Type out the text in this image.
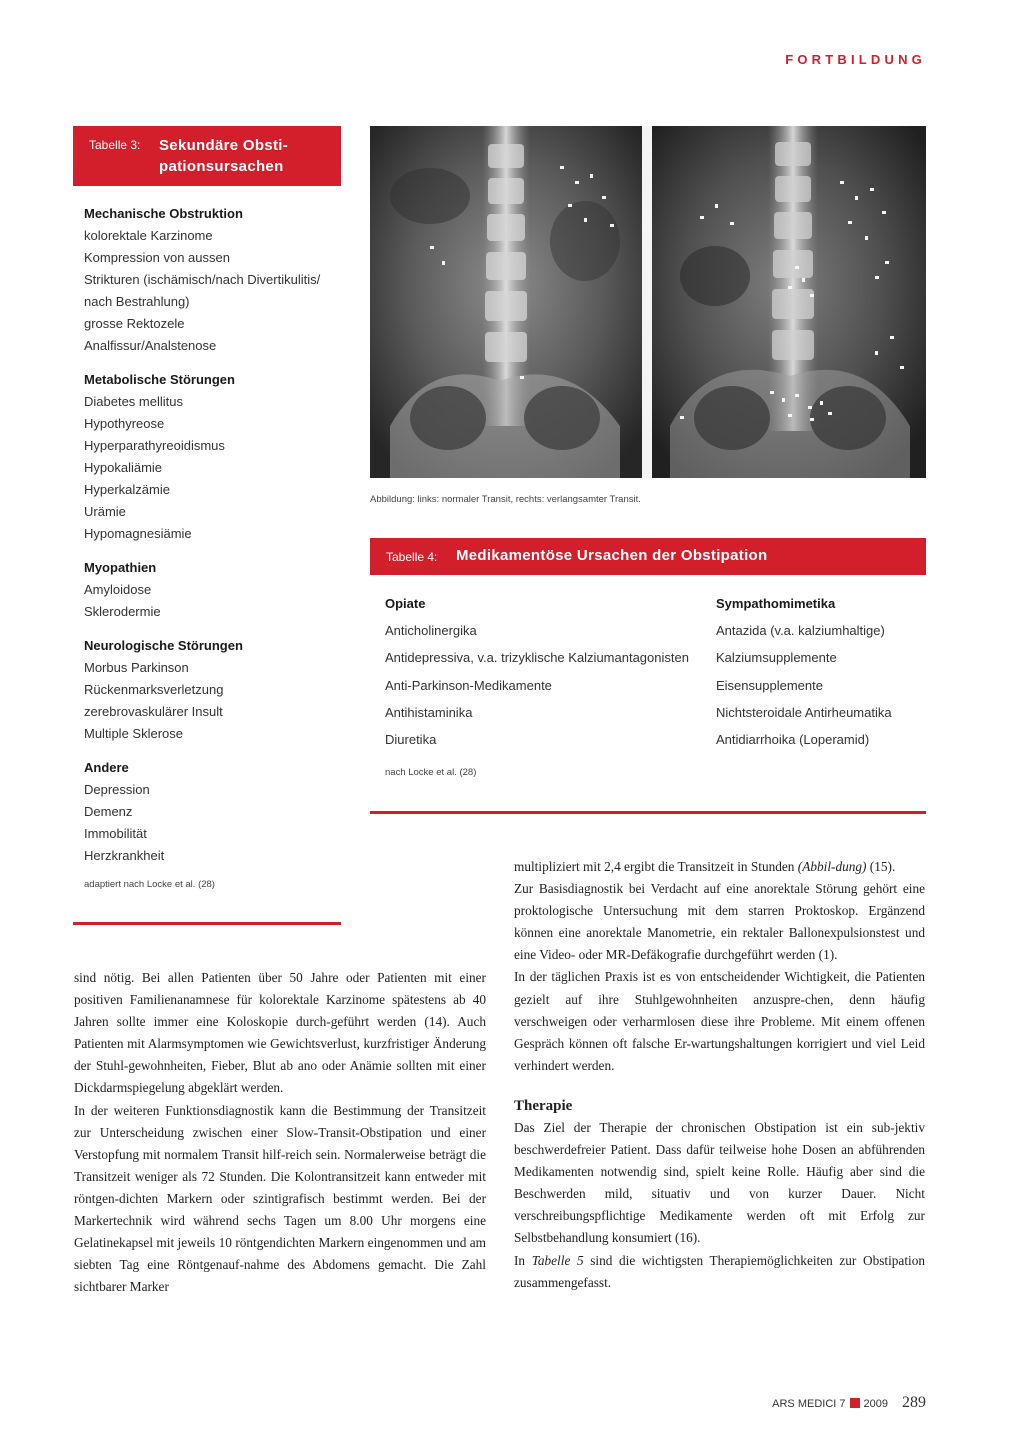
FORTBILDUNG
Tabelle 3: Sekundäre Obsti-
pationsursachen
Mechanische Obstruktion
kolorektale Karzinome
Kompression von aussen
Strikturen (ischämisch/nach Divertikulitis/
nach Bestrahlung)
grosse Rektozele
Analfissur/Analstenose
Metabolische Störungen
Diabetes mellitus
Hypothyreose
Hyperparathyreoidismus
Hypokaliämie
Hyperkalzämie
Urämie
Hypomagnesiämie
Myopathien
Amyloidose
Sklerodermie
Neurologische Störungen
Morbus Parkinson
Rückenmarksverletzung
zerebrovaskulärer Insult
Multiple Sklerose
Andere
Depression
Demenz
Immobilität
Herzkrankheit
adaptiert nach Locke et al. (28)
Abbildung: links: normaler Transit, rechts: verlangsamter Transit.
Tabelle 4: Medikamentöse Ursachen der Obstipation
Opiate
Anticholinergika
Antidepressiva, v.a. trizyklische Kalziumantagonisten
Anti-Parkinson-Medikamente
Antihistaminika
Diuretika
Sympathomimetika
Antazida (v.a. kalziumhaltige)
Kalziumsupplemente
Eisensupplemente
Nichtsteroidale Antirheumatika
Antidiarrhoika (Loperamid)
nach Locke et al. (28)

sind nötig. Bei allen Patienten über 50 Jahre oder Patienten mit einer positiven Familienanamnese für kolorektale Karzinome spätestens ab 40 Jahren sollte immer eine Koloskopie durch-geführt werden (14). Auch Patienten mit Alarmsymptomen wie Gewichtsverlust, kurzfristiger Änderung der Stuhl-gewohnheiten, Fieber, Blut ab ano oder Anämie sollten mit einer Dickdarmspiegelung abgeklärt werden.

In der weiteren Funktionsdiagnostik kann die Bestimmung der Transitzeit zur Unterscheidung zwischen einer Slow-Transit-Obstipation und einer Verstopfung mit normalem Transit hilf-reich sein. Normalerweise beträgt die Transitzeit weniger als 72 Stunden. Die Kolontransitzeit kann entweder mit röntgen-dichten Markern oder szintigrafisch bestimmt werden. Bei der Markertechnik wird während sechs Tagen um 8.00 Uhr morgens eine Gelatinekapsel mit jeweils 10 röntgendichten Markern eingenommen und am siebten Tag eine Röntgenauf-nahme des Abdomens gemacht. Die Zahl sichtbarer Marker

multipliziert mit 2,4 ergibt die Transitzeit in Stunden (Abbil-dung) (15).

Zur Basisdiagnostik bei Verdacht auf eine anorektale Störung gehört eine proktologische Untersuchung mit dem starren Proktoskop. Ergänzend können eine anorektale Manometrie, ein rektaler Ballonexpulsionstest und eine Video- oder MR-Defäkografie durchgeführt werden (1).

In der täglichen Praxis ist es von entscheidender Wichtigkeit, die Patienten gezielt auf ihre Stuhlgewohnheiten anzuspre-chen, denn häufig verschweigen oder verharmlosen diese ihre Probleme. Mit einem offenen Gespräch können oft falsche Er-wartungshaltungen korrigiert und viel Leid verhindert werden.

Therapie

Das Ziel der Therapie der chronischen Obstipation ist ein sub-jektiv beschwerdefreier Patient. Dass dafür teilweise hohe Dosen an abführenden Medikamenten notwendig sind, spielt keine Rolle. Häufig aber sind die Beschwerden mild, situativ und von kurzer Dauer. Nicht verschreibungspflichtige Medikamente werden oft mit Erfolg zur Selbstbehandlung konsumiert (16).

In Tabelle 5 sind die wichtigsten Therapiemöglichkeiten zur Obstipation zusammengefasst.

ARS MEDICI 7 2009 289
